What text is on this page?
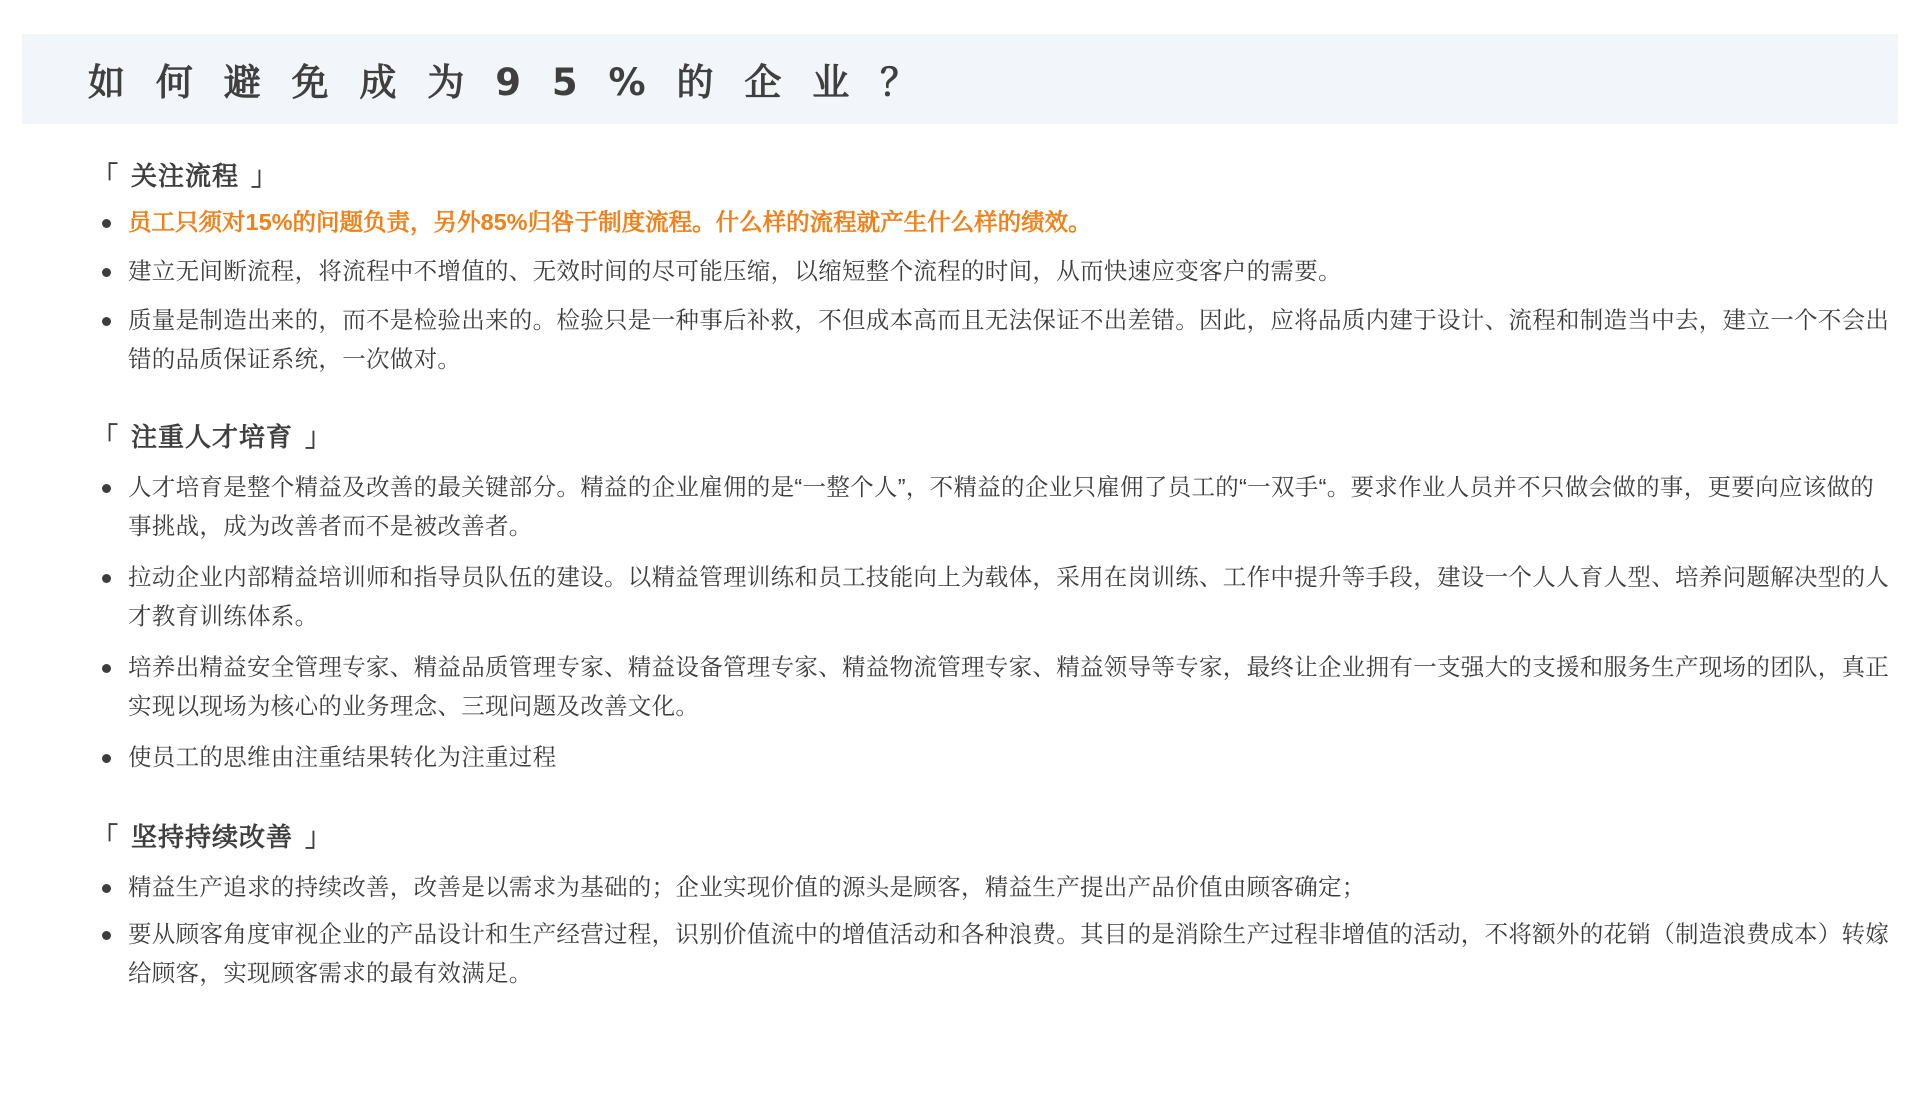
如 何 避 免 成 为 9 5 % 的 企 业 ？
「 关注流程 」
员工只须对15%的问题负责，另外85%归咎于制度流程。什么样的流程就产生什么样的绩效。
建立无间断流程，将流程中不增值的、无效时间的尽可能压缩，以缩短整个流程的时间，从而快速应变客户的需要。
质量是制造出来的，而不是检验出来的。检验只是一种事后补救，不但成本高而且无法保证不出差错。因此，应将品质内建于设计、流程和制造当中去，建立一个不会出错的品质保证系统，一次做对。
「 注重人才培育 」
人才培育是整个精益及改善的最关键部分。精益的企业雇佣的是“一整个人”，不精益的企业只雇佣了员工的“一双手“。要求作业人员并不只做会做的事，更要向应该做的事挑战，成为改善者而不是被改善者。
拉动企业内部精益培训师和指导员队伍的建设。以精益管理训练和员工技能向上为载体，采用在岗训练、工作中提升等手段，建设一个人人育人型、培养问题解决型的人才教育训练体系。
培养出精益安全管理专家、精益品质管理专家、精益设备管理专家、精益物流管理专家、精益领导等专家，最终让企业拥有一支强大的支援和服务生产现场的团队，真正实现以现场为核心的业务理念、三现问题及改善文化。
使员工的思维由注重结果转化为注重过程
「 坚持持续改善 」
精益生产追求的持续改善，改善是以需求为基础的；企业实现价值的源头是顾客，精益生产提出产品价值由顾客确定；
要从顾客角度审视企业的产品设计和生产经营过程，识别价值流中的增值活动和各种浪费。其目的是消除生产过程非增值的活动，不将额外的花销（制造浪费成本）转嫁给顾客，实现顾客需求的最有效满足。
